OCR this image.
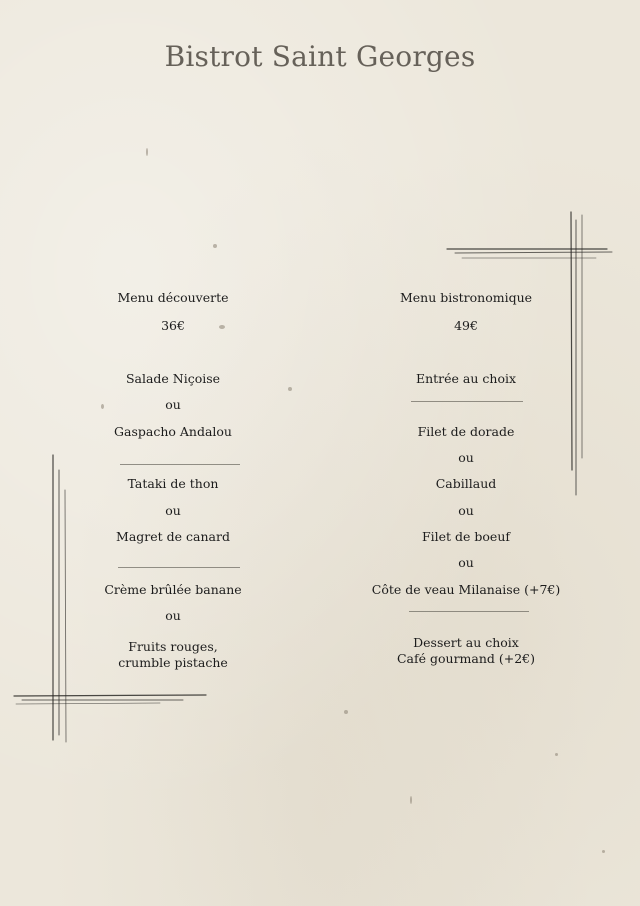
Bistrot Saint Georges
Menu découverte
36€
Salade Niçoise
ou
Gaspacho Andalou
Tataki de thon
ou
Magret de canard
Crème brûlée banane
ou
Fruits rouges,
crumble pistache
Menu bistronomique
49€
Entrée au choix
Filet de dorade
ou
Cabillaud
ou
Filet de boeuf
ou
Côte de veau Milanaise (+7€)
Dessert au choix
Café gourmand (+2€)
